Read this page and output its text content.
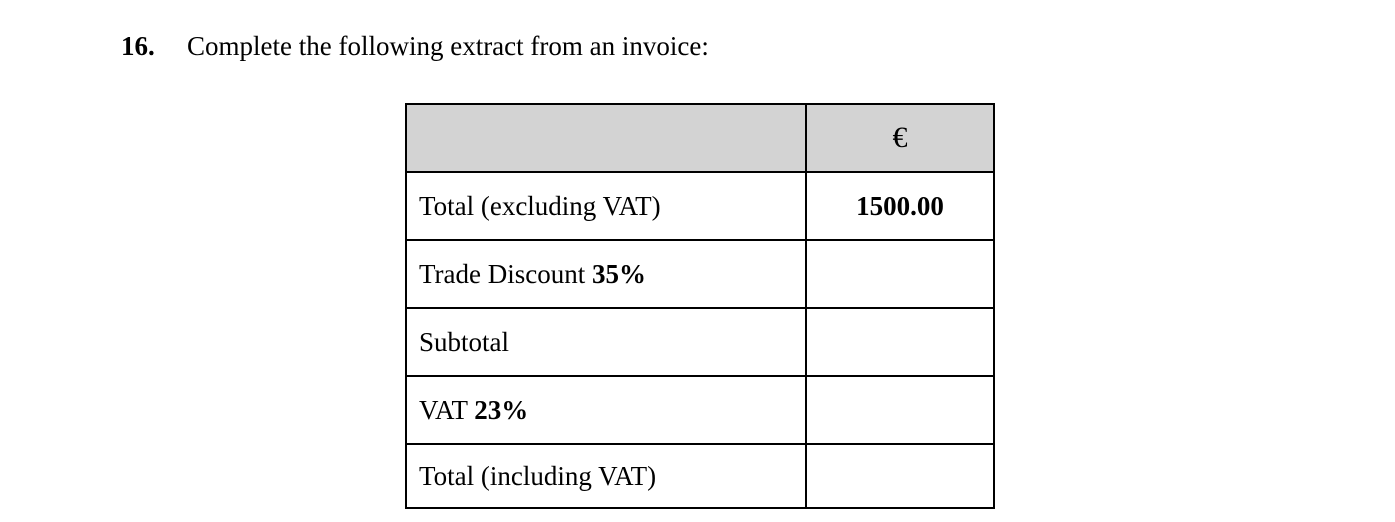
16. Complete the following extract from an invoice:
	€
Total (excluding VAT)	1500.00
Trade Discount 35%	
Subtotal	
VAT 23%	
Total (including VAT)	
